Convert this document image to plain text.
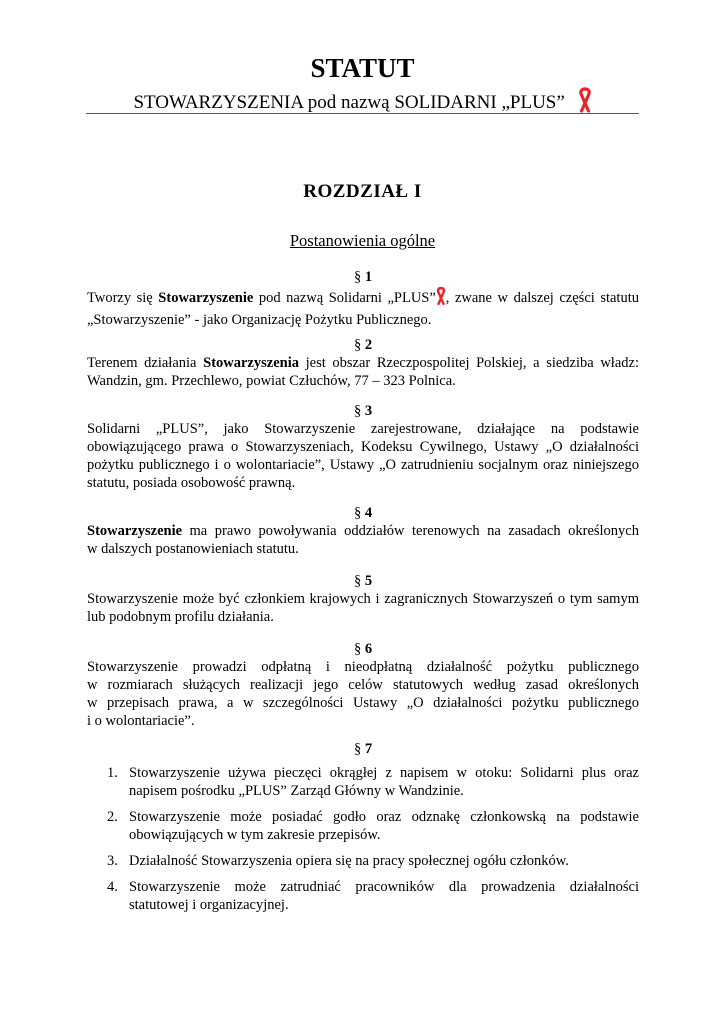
STATUT
STOWARZYSZENIA pod nazwą SOLIDARNI „PLUS”
ROZDZIAŁ I
Postanowienia ogólne

§ 1

Tworzy się Stowarzyszenie pod nazwą Solidarni „PLUS” , zwane w dalszej części statutu
„Stowarzyszenie” - jako Organizację Pożytku Publicznego.

§ 2

Terenem działania Stowarzyszenia jest obszar Rzeczpospolitej Polskiej, a siedziba władz:
Wandzin, gm. Przechlewo, powiat Człuchów, 77 – 323 Polnica.

§ 3

Solidarni „PLUS”, jako Stowarzyszenie zarejestrowane, działające na podstawie
obowiązującego prawa o Stowarzyszeniach, Kodeksu Cywilnego, Ustawy „O działalności
pożytku publicznego i o wolontariacie”, Ustawy „O zatrudnieniu socjalnym oraz niniejszego
statutu, posiada osobowość prawną.

§ 4

Stowarzyszenie ma prawo powoływania oddziałów terenowych na zasadach określonych
w dalszych postanowieniach statutu.

§ 5

Stowarzyszenie może być członkiem krajowych i zagranicznych Stowarzyszeń o tym samym
lub podobnym profilu działania.

§ 6

Stowarzyszenie prowadzi odpłatną i nieodpłatną działalność pożytku publicznego
w rozmiarach służących realizacji jego celów statutowych według zasad określonych
w przepisach prawa, a w szczególności Ustawy „O działalności pożytku publicznego
i o wolontariacie”.

§ 7

1. Stowarzyszenie używa pieczęci okrągłej z napisem w otoku: Solidarni plus oraz
napisem pośrodku „PLUS” Zarząd Główny w Wandzinie.
2. Stowarzyszenie może posiadać godło oraz odznakę członkowską na podstawie
obowiązujących w tym zakresie przepisów.
3. Działalność Stowarzyszenia opiera się na pracy społecznej ogółu członków.
4. Stowarzyszenie może zatrudniać pracowników dla prowadzenia działalności
statutowej i organizacyjnej.
